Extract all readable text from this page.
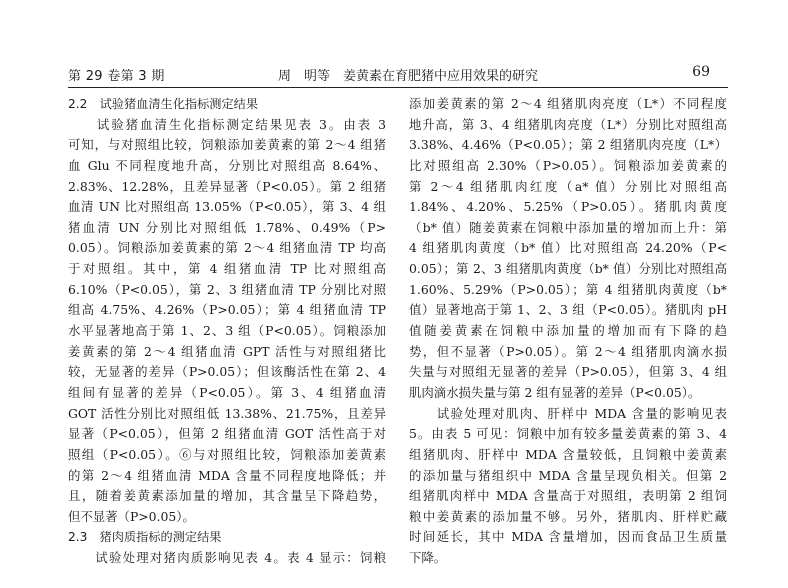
第 29 卷第 3 期	周　明等　姜黄素在育肥猪中应用效果的研究	69
2.2　试验猪血清生化指标测定结果
　　试验猪血清生化指标测定结果见表 3。由表 3
可知，与对照组比较，饲粮添加姜黄素的第 2～4 组猪
血 Glu 不同程度地升高，分别比对照组高 8.64%、
2.83%、12.28%，且差异显著（P<0.05）。第 2 组猪
血清 UN 比对照组高 13.05%（P<0.05），第 3、4 组
猪血清 UN 分别比对照组低 1.78%、0.49%（P>
0.05）。饲粮添加姜黄素的第 2～4 组猪血清 TP 均高
于对照组。其中，第 4 组猪血清 TP 比对照组高
6.10%（P<0.05），第 2、3 组猪血清 TP 分别比对照
组高 4.75%、4.26%（P>0.05）；第 4 组猪血清 TP
水平显著地高于第 1、2、3 组（P<0.05）。饲粮添加
姜黄素的第 2～4 组猪血清 GPT 活性与对照组猪比
较，无显著的差异（P>0.05）；但该酶活性在第 2、4
组间有显著的差异（P<0.05）。第 3、4 组猪血清
GOT 活性分别比对照组低 13.38%、21.75%，且差异
显著（P<0.05），但第 2 组猪血清 GOT 活性高于对
照组（P<0.05）。⑥与对照组比较，饲粮添加姜黄素
的第 2～4 组猪血清 MDA 含量不同程度地降低；并
且，随着姜黄素添加量的增加，其含量呈下降趋势，
但不显著（P>0.05）。
2.3　猪肉质指标的测定结果
　　试验处理对猪肉质影响见表 4。表 4 显示：饲粮
添加姜黄素的第 2～4 组猪肌肉亮度（L*）不同程度
地升高，第 3、4 组猪肌肉亮度（L*）分别比对照组高
3.38%、4.46%（P<0.05）；第 2 组猪肌肉亮度（L*）
比对照组高 2.30%（P>0.05）。饲粮添加姜黄素的
第 2～4 组猪肌肉红度（a* 值）分别比对照组高
1.84%、4.20%、5.25%（P>0.05）。猪肌肉黄度
（b* 值）随姜黄素在饲粮中添加量的增加而上升：第
4 组猪肌肉黄度（b* 值）比对照组高 24.20%（P<
0.05）；第 2、3 组猪肌肉黄度（b* 值）分别比对照组高
1.60%、5.29%（P>0.05）；第 4 组猪肌肉黄度（b*
值）显著地高于第 1、2、3 组（P<0.05）。猪肌肉 pH
值随姜黄素在饲粮中添加量的增加而有下降的趋
势，但不显著（P>0.05）。第 2～4 组猪肌肉滴水损
失量与对照组无显著的差异（P>0.05），但第 3、4 组
肌肉滴水损失量与第 2 组有显著的差异（P<0.05）。
　　试验处理对肌肉、肝样中 MDA 含量的影响见表
5。由表 5 可见：饲粮中加有较多量姜黄素的第 3、4
组猪肌肉、肝样中 MDA 含量较低，且饲粮中姜黄素
的添加量与猪组织中 MDA 含量呈现负相关。但第 2
组猪肌肉样中 MDA 含量高于对照组，表明第 2 组饲
粮中姜黄素的添加量不够。另外，猪肌肉、肝样贮藏
时间延长，其中 MDA 含量增加，因而食品卫生质量
下降。
